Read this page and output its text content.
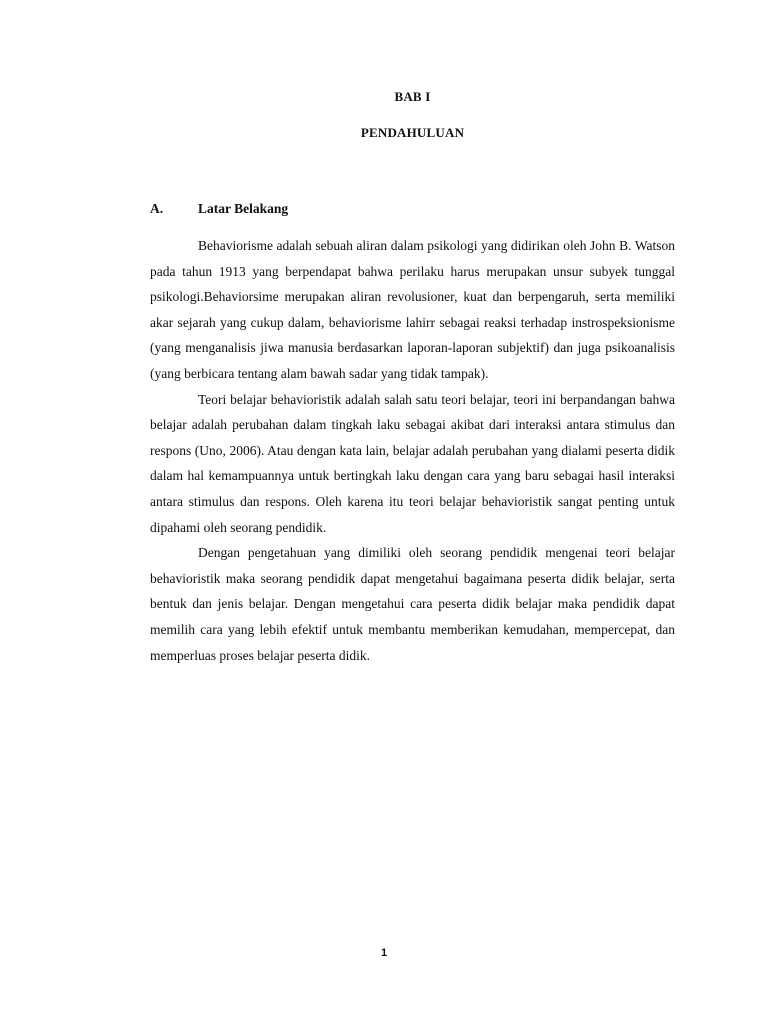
BAB I
PENDAHULUAN
A.	Latar Belakang

Behaviorisme adalah sebuah aliran dalam psikologi yang didirikan oleh John B. Watson pada tahun 1913 yang berpendapat bahwa perilaku harus merupakan unsur subyek tunggal psikologi.Behaviorsime merupakan aliran revolusioner, kuat dan berpengaruh, serta memiliki akar sejarah yang cukup dalam, behaviorisme lahirr sebagai reaksi terhadap instrospeksionisme (yang menganalisis jiwa manusia berdasarkan laporan-laporan subjektif) dan juga psikoanalisis (yang berbicara tentang alam bawah sadar yang tidak tampak).

Teori belajar behavioristik adalah salah satu teori belajar, teori ini berpandangan bahwa belajar adalah perubahan dalam tingkah laku sebagai akibat dari interaksi antara stimulus dan respons (Uno, 2006). Atau dengan kata lain, belajar adalah perubahan yang dialami peserta didik dalam hal kemampuannya untuk bertingkah laku dengan cara yang baru sebagai hasil interaksi antara stimulus dan respons. Oleh karena itu teori belajar behavioristik sangat penting untuk dipahami oleh seorang pendidik.

Dengan pengetahuan yang dimiliki oleh seorang pendidik mengenai teori belajar behavioristik maka seorang pendidik dapat mengetahui bagaimana peserta didik belajar, serta bentuk dan jenis belajar. Dengan mengetahui cara peserta didik belajar maka pendidik dapat memilih cara yang lebih efektif untuk membantu memberikan kemudahan, mempercepat, dan memperluas proses belajar peserta didik.

1
